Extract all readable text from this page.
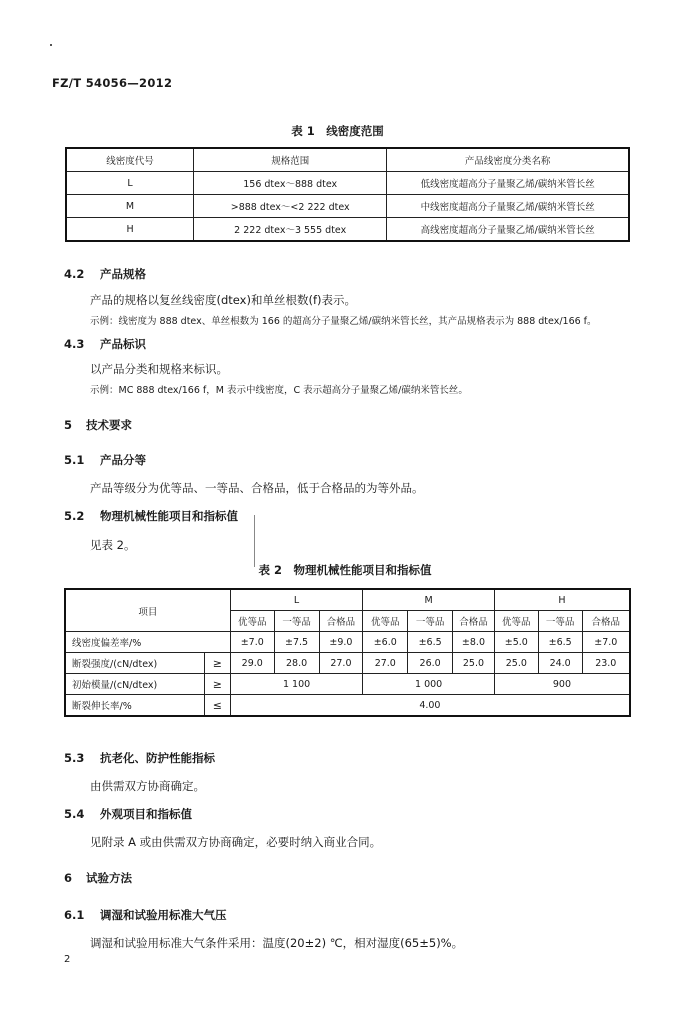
FZ/T 54056—2012
表 1　线密度范围
线密度代号	规格范围	产品线密度分类名称
L	156 dtex～888 dtex	低线密度超高分子量聚乙烯/碳纳米管长丝
M	>888 dtex～<2 222 dtex	中线密度超高分子量聚乙烯/碳纳米管长丝
H	2 222 dtex～3 555 dtex	高线密度超高分子量聚乙烯/碳纳米管长丝
4.2 产品规格
产品的规格以复丝线密度(dtex)和单丝根数(f)表示。
示例：线密度为 888 dtex、单丝根数为 166 的超高分子量聚乙烯/碳纳米管长丝，其产品规格表示为 888 dtex/166 f。
4.3 产品标识
以产品分类和规格来标识。
示例：MC 888 dtex/166 f，M 表示中线密度，C 表示超高分子量聚乙烯/碳纳米管长丝。
5 技术要求
5.1 产品分等
产品等级分为优等品、一等品、合格品，低于合格品的为等外品。
5.2 物理机械性能项目和指标值
见表 2。
表 2　物理机械性能项目和指标值
项目		L			M			H		
		优等品	一等品	合格品	优等品	一等品	合格品	优等品	一等品	合格品
线密度偏差率/%		±7.0	±7.5	±9.0	±6.0	±6.5	±8.0	±5.0	±6.5	±7.0
断裂强度/(cN/dtex)	≥	29.0	28.0	27.0	27.0	26.0	25.0	25.0	24.0	23.0
初始模量/(cN/dtex)	≥	1 100			1 000			900		
断裂伸长率/%	≤	4.00								
5.3 抗老化、防护性能指标
由供需双方协商确定。
5.4 外观项目和指标值
见附录 A 或由供需双方协商确定，必要时纳入商业合同。
6 试验方法
6.1 调湿和试验用标准大气压
调湿和试验用标准大气条件采用：温度(20±2) ℃，相对湿度(65±5)%。
2
